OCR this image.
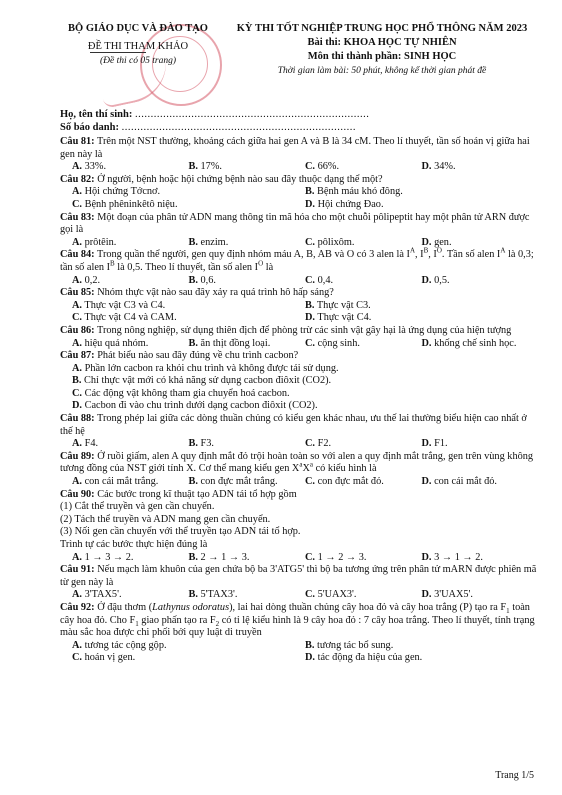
BỘ GIÁO DỤC VÀ ĐÀO TẠO
ĐỀ THI THAM KHẢO
(Đề thi có 05 trang)
KỲ THI TỐT NGHIỆP TRUNG HỌC PHỔ THÔNG NĂM 2023
Bài thi: KHOA HỌC TỰ NHIÊN
Môn thi thành phần: SINH HỌC
Thời gian làm bài: 50 phút, không kể thời gian phát đề
Họ, tên thí sinh: ...........................................................................
Số báo danh: ...........................................................................

Câu 81: Trên một NST thường, khoảng cách giữa hai gen A và B là 34 cM. Theo lí thuyết, tần số hoán vị giữa hai gen này là

A. 33%.	B. 17%.	C. 66%.	D. 34%.

Câu 82: Ở người, bệnh hoặc hội chứng bệnh nào sau đây thuộc dạng thể một?

A. Hội chứng Tớcnơ.	B. Bệnh máu khó đông.
C. Bệnh phêninkêtô niệu.	D. Hội chứng Đao.

Câu 83: Một đoạn của phân tử ADN mang thông tin mã hóa cho một chuỗi pôlipeptit hay một phân tử ARN được gọi là

A. prôtêin.	B. enzim.	C. pôlixôm.	D. gen.

Câu 84: Trong quần thể người, gen quy định nhóm máu A, B, AB và O có 3 alen là $I^A$, $I^B$, $I^O$. Tần số alen $I^A$ là 0,3; tần số alen $I^B$ là 0,5. Theo lí thuyết, tần số alen $I^O$ là

A. 0,2.	B. 0,6.	C. 0,4.	D. 0,5.

Câu 85: Nhóm thực vật nào sau đây xảy ra quá trình hô hấp sáng?

A. Thực vật C3 và C4.	B. Thực vật C3.
C. Thực vật C4 và CAM.	D. Thực vật C4.

Câu 86: Trong nông nghiệp, sử dụng thiên địch để phòng trừ các sinh vật gây hại là ứng dụng của hiện tượng

A. hiệu quả nhóm.	B. ăn thịt đồng loại.	C. cộng sinh.	D. khống chế sinh học.

Câu 87: Phát biểu nào sau đây đúng về chu trình cacbon?

A. Phần lớn cacbon ra khỏi chu trình và không được tái sử dụng.
B. Chỉ thực vật mới có khả năng sử dụng cacbon điôxit (CO2).
C. Các động vật không tham gia chuyển hoá cacbon.
D. Cacbon đi vào chu trình dưới dạng cacbon điôxit (CO2).

Câu 88: Trong phép lai giữa các dòng thuần chủng có kiểu gen khác nhau, ưu thế lai thường biểu hiện cao nhất ở thế hệ

A. F4.	B. F3.	C. F2.	D. F1.

Câu 89: Ở ruồi giấm, alen A quy định mắt đỏ trội hoàn toàn so với alen a quy định mắt trắng, gen trên vùng không tương đồng của NST giới tính X. Cơ thể mang kiểu gen $X^aX^a$ có kiểu hình là

A. con cái mắt trắng.	B. con đực mắt trắng.	C. con đực mắt đỏ.	D. con cái mắt đỏ.

Câu 90: Các bước trong kĩ thuật tạo ADN tái tổ hợp gồm

(1) Cắt thể truyền và gen cần chuyển.
(2) Tách thể truyền và ADN mang gen cần chuyển.
(3) Nối gen cần chuyển với thể truyền tạo ADN tái tổ hợp.
Trình tự các bước thực hiện đúng là
A. 1 → 3 → 2.	B. 2 → 1 → 3.	C. 1 → 2 → 3.	D. 3 → 1 → 2.

Câu 91: Nếu mạch làm khuôn của gen chứa bộ ba 3'ATG5' thì bộ ba tương ứng trên phân tử mARN được phiên mã từ gen này là

A. 3'TAX5'.	B. 5'TAX3'.	C. 5'UAX3'.	D. 3'UAX5'.

Câu 92: Ở đậu thơm (Lathynus odoratus), lai hai dòng thuần chủng cây hoa đỏ và cây hoa trắng (P) tạo ra $F_1$ toàn cây hoa đỏ. Cho $F_1$ giao phấn tạo ra $F_2$ có tỉ lệ kiểu hình là 9 cây hoa đỏ : 7 cây hoa trắng. Theo lí thuyết, tính trạng màu sắc hoa được chi phối bởi quy luật di truyền

A. tương tác cộng gộp.	B. tương tác bổ sung.
C. hoán vị gen.	D. tác động đa hiệu của gen.
Trang 1/5
